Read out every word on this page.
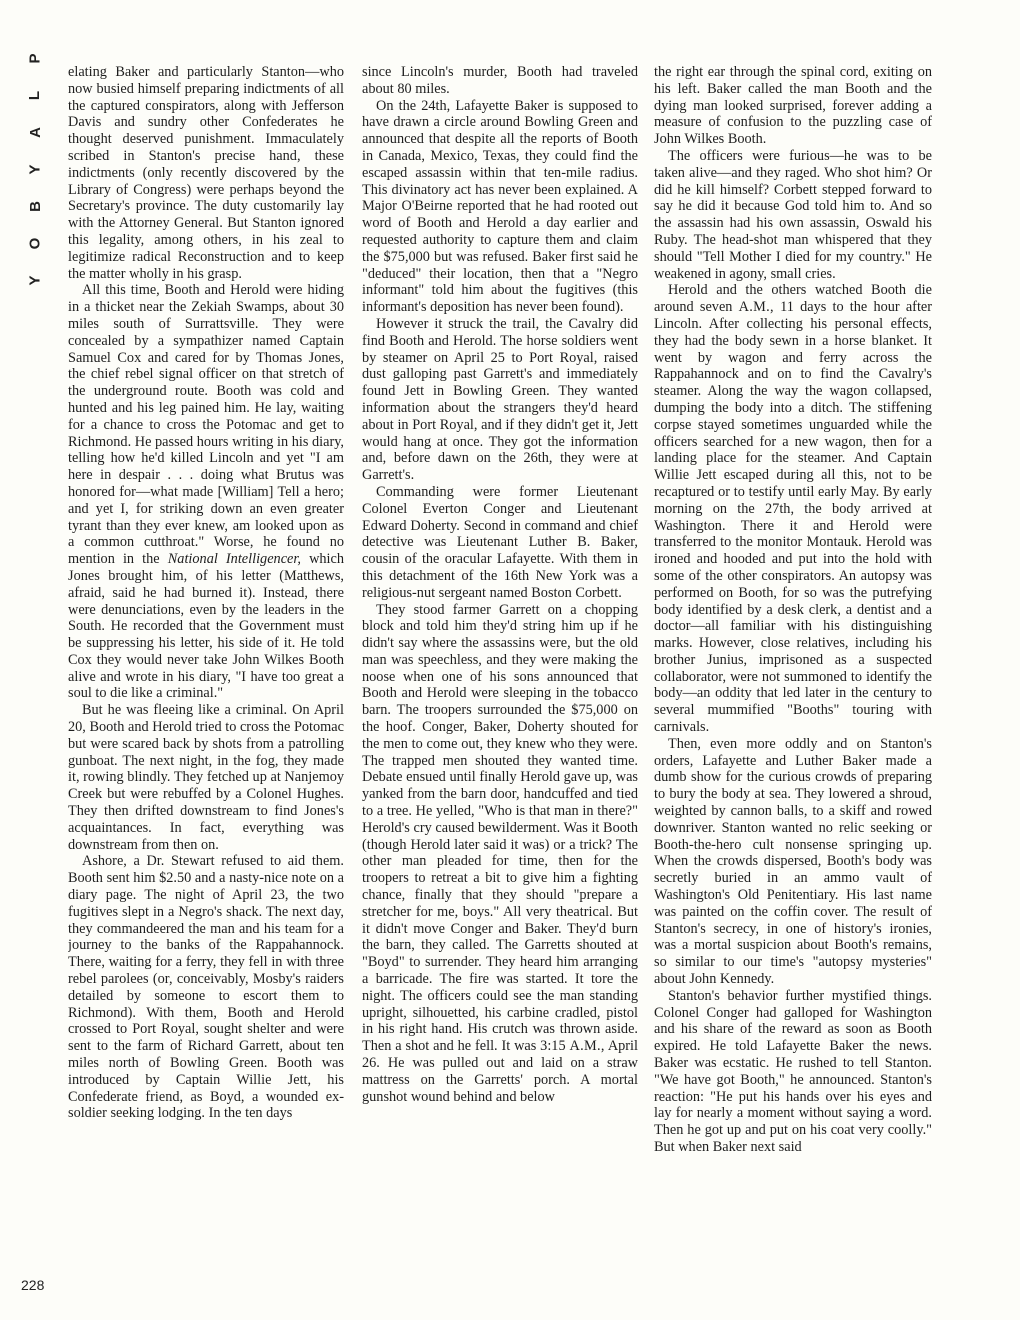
P
L
A
Y
B
O
Y
228

elating Baker and particularly Stanton—who now busied himself preparing indictments of all the captured conspirators, along with Jefferson Davis and sundry other Confederates he thought deserved punishment. Immaculately scribed in Stanton's precise hand, these indictments (only recently discovered by the Library of Congress) were perhaps beyond the Secretary's province. The duty customarily lay with the Attorney General. But Stanton ignored this legality, among others, in his zeal to legitimize radical Reconstruction and to keep the matter wholly in his grasp.

All this time, Booth and Herold were hiding in a thicket near the Zekiah Swamps, about 30 miles south of Surrattsville. They were concealed by a sympathizer named Captain Samuel Cox and cared for by Thomas Jones, the chief rebel signal officer on that stretch of the underground route. Booth was cold and hunted and his leg pained him. He lay, waiting for a chance to cross the Potomac and get to Richmond. He passed hours writing in his diary, telling how he'd killed Lincoln and yet "I am here in despair . . . doing what Brutus was honored for—what made [William] Tell a hero; and yet I, for striking down an even greater tyrant than they ever knew, am looked upon as a common cutthroat." Worse, he found no mention in the National Intelligencer, which Jones brought him, of his letter (Matthews, afraid, said he had burned it). Instead, there were denunciations, even by the leaders in the South. He recorded that the Government must be suppressing his letter, his side of it. He told Cox they would never take John Wilkes Booth alive and wrote in his diary, "I have too great a soul to die like a criminal."

But he was fleeing like a criminal. On April 20, Booth and Herold tried to cross the Potomac but were scared back by shots from a patrolling gunboat. The next night, in the fog, they made it, rowing blindly. They fetched up at Nanjemoy Creek but were rebuffed by a Colonel Hughes. They then drifted downstream to find Jones's acquaintances. In fact, everything was downstream from then on.

Ashore, a Dr. Stewart refused to aid them. Booth sent him $2.50 and a nasty-nice note on a diary page. The night of April 23, the two fugitives slept in a Negro's shack. The next day, they commandeered the man and his team for a journey to the banks of the Rappahannock. There, waiting for a ferry, they fell in with three rebel parolees (or, conceivably, Mosby's raiders detailed by someone to escort them to Richmond). With them, Booth and Herold crossed to Port Royal, sought shelter and were sent to the farm of Richard Garrett, about ten miles north of Bowling Green. Booth was introduced by Captain Willie Jett, his Confederate friend, as Boyd, a wounded ex-soldier seeking lodging. In the ten days

since Lincoln's murder, Booth had traveled about 80 miles.

On the 24th, Lafayette Baker is supposed to have drawn a circle around Bowling Green and announced that despite all the reports of Booth in Canada, Mexico, Texas, they could find the escaped assassin within that ten-mile radius. This divinatory act has never been explained. A Major O'Beirne reported that he had rooted out word of Booth and Herold a day earlier and requested authority to capture them and claim the $75,000 but was refused. Baker first said he "deduced" their location, then that a "Negro informant" told him about the fugitives (this informant's deposition has never been found).

However it struck the trail, the Cavalry did find Booth and Herold. The horse soldiers went by steamer on April 25 to Port Royal, raised dust galloping past Garrett's and immediately found Jett in Bowling Green. They wanted information about the strangers they'd heard about in Port Royal, and if they didn't get it, Jett would hang at once. They got the information and, before dawn on the 26th, they were at Garrett's.

Commanding were former Lieutenant Colonel Everton Conger and Lieutenant Edward Doherty. Second in command and chief detective was Lieutenant Luther B. Baker, cousin of the oracular Lafayette. With them in this detachment of the 16th New York was a religious-nut sergeant named Boston Corbett.

They stood farmer Garrett on a chopping block and told him they'd string him up if he didn't say where the assassins were, but the old man was speechless, and they were making the noose when one of his sons announced that Booth and Herold were sleeping in the tobacco barn. The troopers surrounded the $75,000 on the hoof. Conger, Baker, Doherty shouted for the men to come out, they knew who they were. The trapped men shouted they wanted time. Debate ensued until finally Herold gave up, was yanked from the barn door, handcuffed and tied to a tree. He yelled, "Who is that man in there?" Herold's cry caused bewilderment. Was it Booth (though Herold later said it was) or a trick? The other man pleaded for time, then for the troopers to retreat a bit to give him a fighting chance, finally that they should "prepare a stretcher for me, boys." All very theatrical. But it didn't move Conger and Baker. They'd burn the barn, they called. The Garretts shouted at "Boyd" to surrender. They heard him arranging a barricade. The fire was started. It tore the night. The officers could see the man standing upright, silhouetted, his carbine cradled, pistol in his right hand. His crutch was thrown aside. Then a shot and he fell. It was 3:15 A.M., April 26. He was pulled out and laid on a straw mattress on the Garretts' porch. A mortal gunshot wound behind and below

the right ear through the spinal cord, exiting on his left. Baker called the man Booth and the dying man looked surprised, forever adding a measure of confusion to the puzzling case of John Wilkes Booth.

The officers were furious—he was to be taken alive—and they raged. Who shot him? Or did he kill himself? Corbett stepped forward to say he did it because God told him to. And so the assassin had his own assassin, Oswald his Ruby. The head-shot man whispered that they should "Tell Mother I died for my country." He weakened in agony, small cries.

Herold and the others watched Booth die around seven A.M., 11 days to the hour after Lincoln. After collecting his personal effects, they had the body sewn in a horse blanket. It went by wagon and ferry across the Rappahannock and on to find the Cavalry's steamer. Along the way the wagon collapsed, dumping the body into a ditch. The stiffening corpse stayed sometimes unguarded while the officers searched for a new wagon, then for a landing place for the steamer. And Captain Willie Jett escaped during all this, not to be recaptured or to testify until early May. By early morning on the 27th, the body arrived at Washington. There it and Herold were transferred to the monitor Montauk. Herold was ironed and hooded and put into the hold with some of the other conspirators. An autopsy was performed on Booth, for so was the putrefying body identified by a desk clerk, a dentist and a doctor—all familiar with his distinguishing marks. However, close relatives, including his brother Junius, imprisoned as a suspected collaborator, were not summoned to identify the body—an oddity that led later in the century to several mummified "Booths" touring with carnivals.

Then, even more oddly and on Stanton's orders, Lafayette and Luther Baker made a dumb show for the curious crowds of preparing to bury the body at sea. They lowered a shroud, weighted by cannon balls, to a skiff and rowed downriver. Stanton wanted no relic seeking or Booth-the-hero cult nonsense springing up. When the crowds dispersed, Booth's body was secretly buried in an ammo vault of Washington's Old Penitentiary. His last name was painted on the coffin cover. The result of Stanton's secrecy, in one of history's ironies, was a mortal suspicion about Booth's remains, so similar to our time's "autopsy mysteries" about John Kennedy.

Stanton's behavior further mystified things. Colonel Conger had galloped for Washington and his share of the reward as soon as Booth expired. He told Lafayette Baker the news. Baker was ecstatic. He rushed to tell Stanton. "We have got Booth," he announced. Stanton's reaction: "He put his hands over his eyes and lay for nearly a moment without saying a word. Then he got up and put on his coat very coolly." But when Baker next said
